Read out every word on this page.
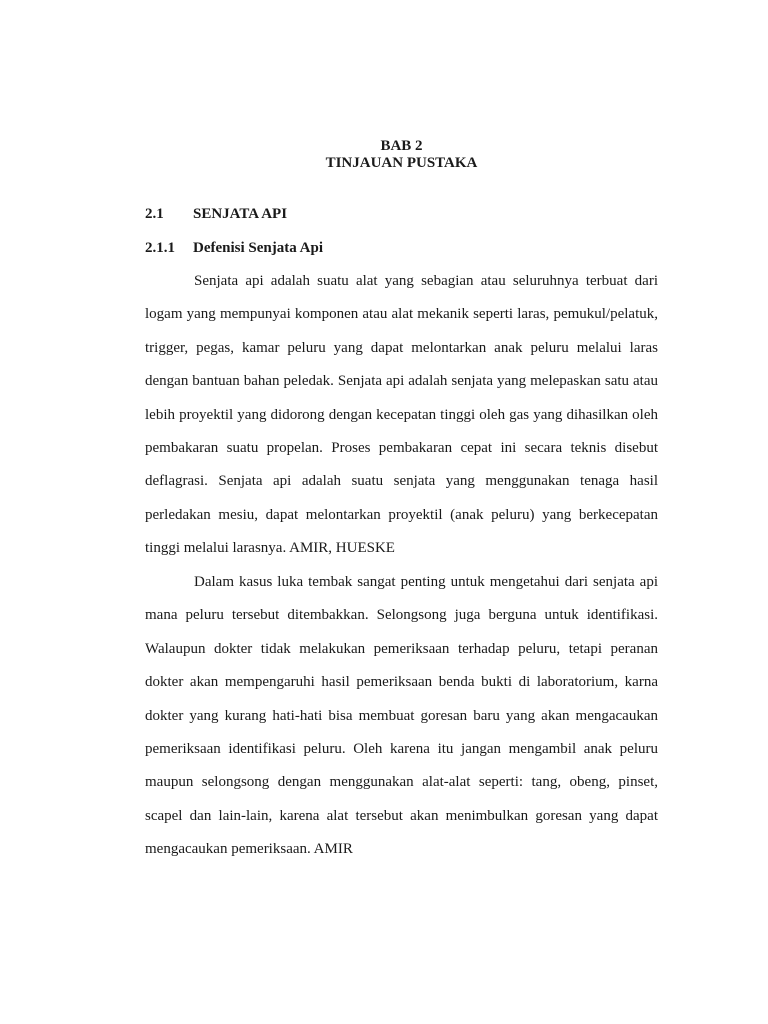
BAB 2
TINJAUAN PUSTAKA
2.1 SENJATA API
2.1.1 Defenisi Senjata Api

Senjata api adalah suatu alat yang sebagian atau seluruhnya terbuat dari logam yang mempunyai komponen atau alat mekanik seperti laras, pemukul/pelatuk, trigger, pegas, kamar peluru yang dapat melontarkan anak peluru melalui laras dengan bantuan bahan peledak. Senjata api adalah senjata yang melepaskan satu atau lebih proyektil yang didorong dengan kecepatan tinggi oleh gas yang dihasilkan oleh pembakaran suatu propelan. Proses pembakaran cepat ini secara teknis disebut deflagrasi. Senjata api adalah suatu senjata yang menggunakan tenaga hasil perledakan mesiu, dapat melontarkan proyektil (anak peluru) yang berkecepatan tinggi melalui larasnya. AMIR, HUESKE

Dalam kasus luka tembak sangat penting untuk mengetahui dari senjata api mana peluru tersebut ditembakkan. Selongsong juga berguna untuk identifikasi. Walaupun dokter tidak melakukan pemeriksaan terhadap peluru, tetapi peranan dokter akan mempengaruhi hasil pemeriksaan benda bukti di laboratorium, karna dokter yang kurang hati-hati bisa membuat goresan baru yang akan mengacaukan pemeriksaan identifikasi peluru. Oleh karena itu jangan mengambil anak peluru maupun selongsong dengan menggunakan alat-alat seperti: tang, obeng, pinset, scapel dan lain-lain, karena alat tersebut akan menimbulkan goresan yang dapat mengacaukan pemeriksaan. AMIR
